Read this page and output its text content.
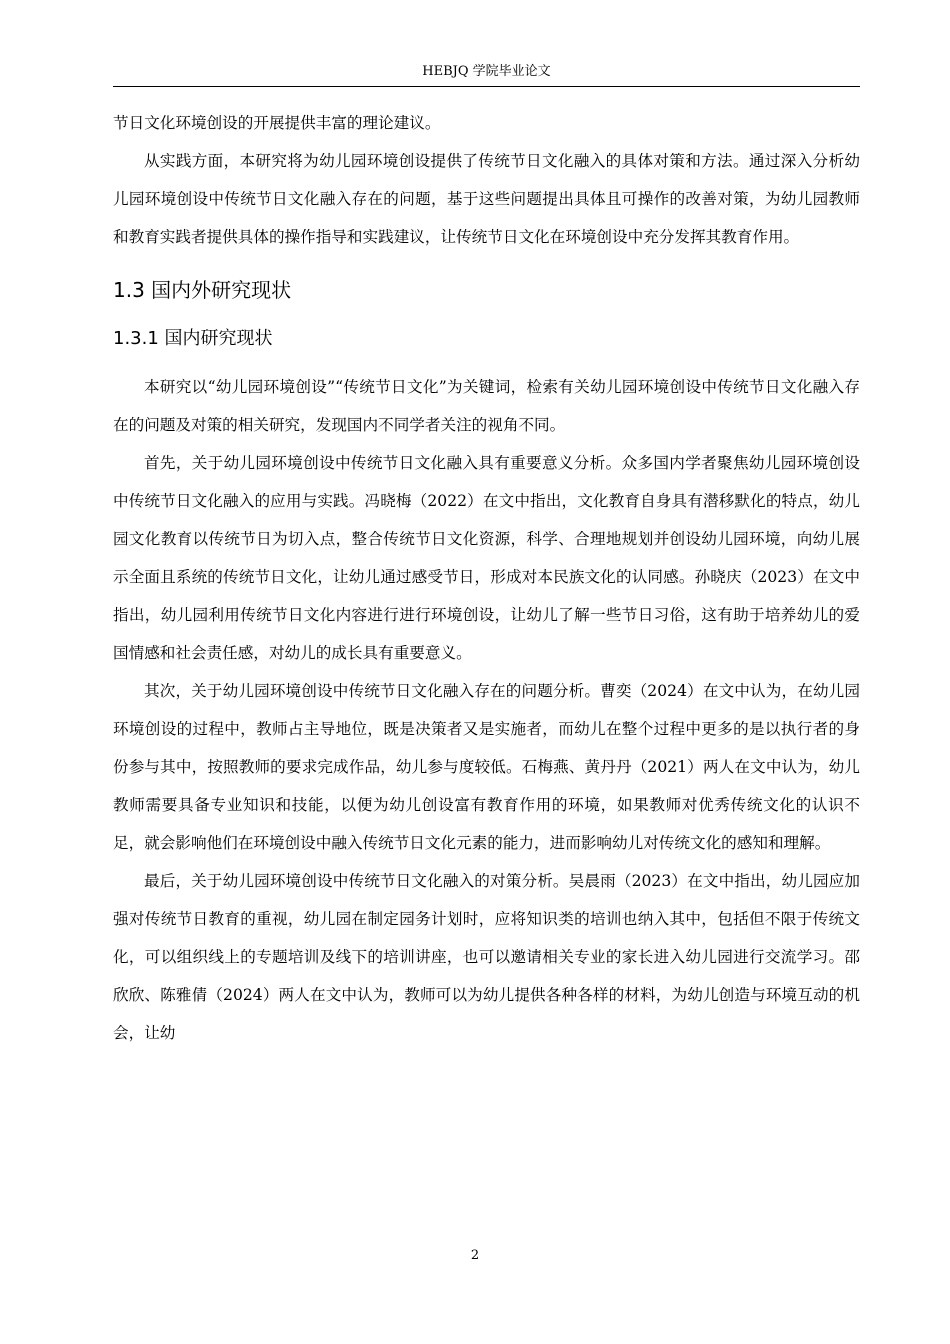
HEBJQ 学院毕业论文

节日文化环境创设的开展提供丰富的理论建议。

从实践方面，本研究将为幼儿园环境创设提供了传统节日文化融入的具体对策和方法。通过深入分析幼儿园环境创设中传统节日文化融入存在的问题，基于这些问题提出具体且可操作的改善对策，为幼儿园教师和教育实践者提供具体的操作指导和实践建议，让传统节日文化在环境创设中充分发挥其教育作用。

1.3 国内外研究现状
1.3.1 国内研究现状

本研究以“幼儿园环境创设”“传统节日文化”为关键词，检索有关幼儿园环境创设中传统节日文化融入存在的问题及对策的相关研究，发现国内不同学者关注的视角不同。

首先，关于幼儿园环境创设中传统节日文化融入具有重要意义分析。众多国内学者聚焦幼儿园环境创设中传统节日文化融入的应用与实践。冯晓梅（2022）在文中指出，文化教育自身具有潜移默化的特点，幼儿园文化教育以传统节日为切入点，整合传统节日文化资源，科学、合理地规划并创设幼儿园环境，向幼儿展示全面且系统的传统节日文化，让幼儿通过感受节日，形成对本民族文化的认同感。孙晓庆（2023）在文中指出，幼儿园利用传统节日文化内容进行进行环境创设，让幼儿了解一些节日习俗，这有助于培养幼儿的爱国情感和社会责任感，对幼儿的成长具有重要意义。

其次，关于幼儿园环境创设中传统节日文化融入存在的问题分析。曹奕（2024）在文中认为，在幼儿园环境创设的过程中，教师占主导地位，既是决策者又是实施者，而幼儿在整个过程中更多的是以执行者的身份参与其中，按照教师的要求完成作品，幼儿参与度较低。石梅燕、黄丹丹（2021）两人在文中认为，幼儿教师需要具备专业知识和技能，以便为幼儿创设富有教育作用的环境，如果教师对优秀传统文化的认识不足，就会影响他们在环境创设中融入传统节日文化元素的能力，进而影响幼儿对传统文化的感知和理解。

最后，关于幼儿园环境创设中传统节日文化融入的对策分析。吴晨雨（2023）在文中指出，幼儿园应加强对传统节日教育的重视，幼儿园在制定园务计划时，应将知识类的培训也纳入其中，包括但不限于传统文化，可以组织线上的专题培训及线下的培训讲座，也可以邀请相关专业的家长进入幼儿园进行交流学习。邵欣欣、陈雅倩（2024）两人在文中认为，教师可以为幼儿提供各种各样的材料，为幼儿创造与环境互动的机会，让幼

2
